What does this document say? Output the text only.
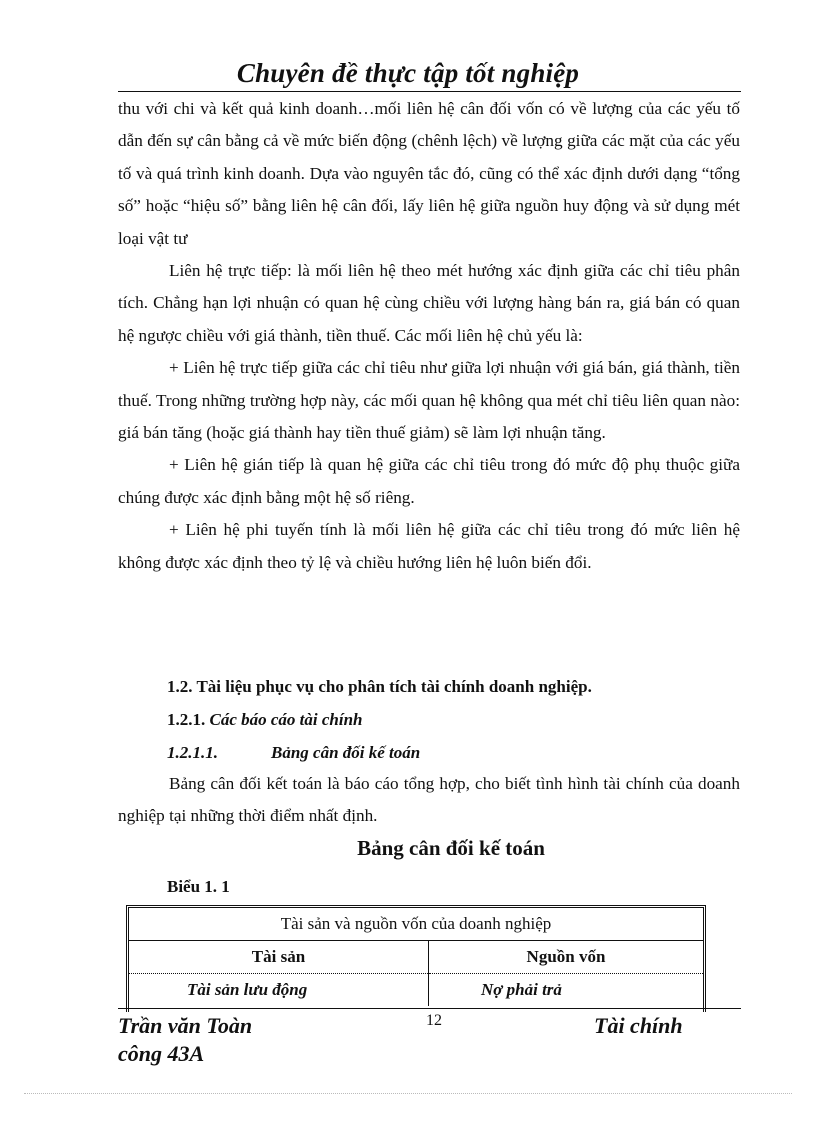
Chuyên đề thực tập tốt nghiệp

thu với chi và kết quả kinh doanh…mối liên hệ cân đối vốn có về lượng của các yếu tố dẫn đến sự cân bằng cả về mức biến động (chênh lệch) về lượng giữa các mặt của các yếu tố và quá trình kinh doanh. Dựa vào nguyên tắc đó, cũng có thể xác định dưới dạng “tổng số” hoặc “hiệu số” bằng liên hệ cân đối, lấy liên hệ giữa nguồn huy động và sử dụng mét loại vật tư

Liên hệ trực tiếp: là mối liên hệ theo mét hướng xác định giữa các chỉ tiêu phân tích. Chẳng hạn lợi nhuận có quan hệ cùng chiều với lượng hàng bán ra, giá bán có quan hệ ngược chiều với giá thành, tiền thuế. Các mối liên hệ chủ yếu là:

+ Liên hệ trực tiếp giữa các chỉ tiêu như giữa lợi nhuận với giá bán, giá thành, tiền thuế. Trong những trường hợp này, các mối quan hệ không qua mét chỉ tiêu liên quan nào: giá bán tăng (hoặc giá thành hay tiền thuế giảm) sẽ làm lợi nhuận tăng.

+ Liên hệ gián tiếp là quan hệ giữa các chỉ tiêu trong đó mức độ phụ thuộc giữa chúng được xác định bằng một hệ số riêng.

+ Liên hệ phi tuyến tính là mối liên hệ giữa các chỉ tiêu trong đó mức liên hệ không được xác định theo tỷ lệ và chiều hướng liên hệ luôn biến đổi.

1.2. Tài liệu phục vụ cho phân tích tài chính doanh nghiệp.
1.2.1. Các báo cáo tài chính
1.2.1.1.	Bảng cân đối kế toán

Bảng cân đối kết toán là báo cáo tổng hợp, cho biết tình hình tài chính của doanh nghiệp tại những thời điểm nhất định.

Bảng cân đối kế toán
Biểu 1. 1
Tài sản và nguồn vốn của doanh nghiệp	
Tài sản	Nguồn vốn
Tài sản lưu động	Nợ phải trả
Trần văn Toàn
công 43A
12	Tài chính
